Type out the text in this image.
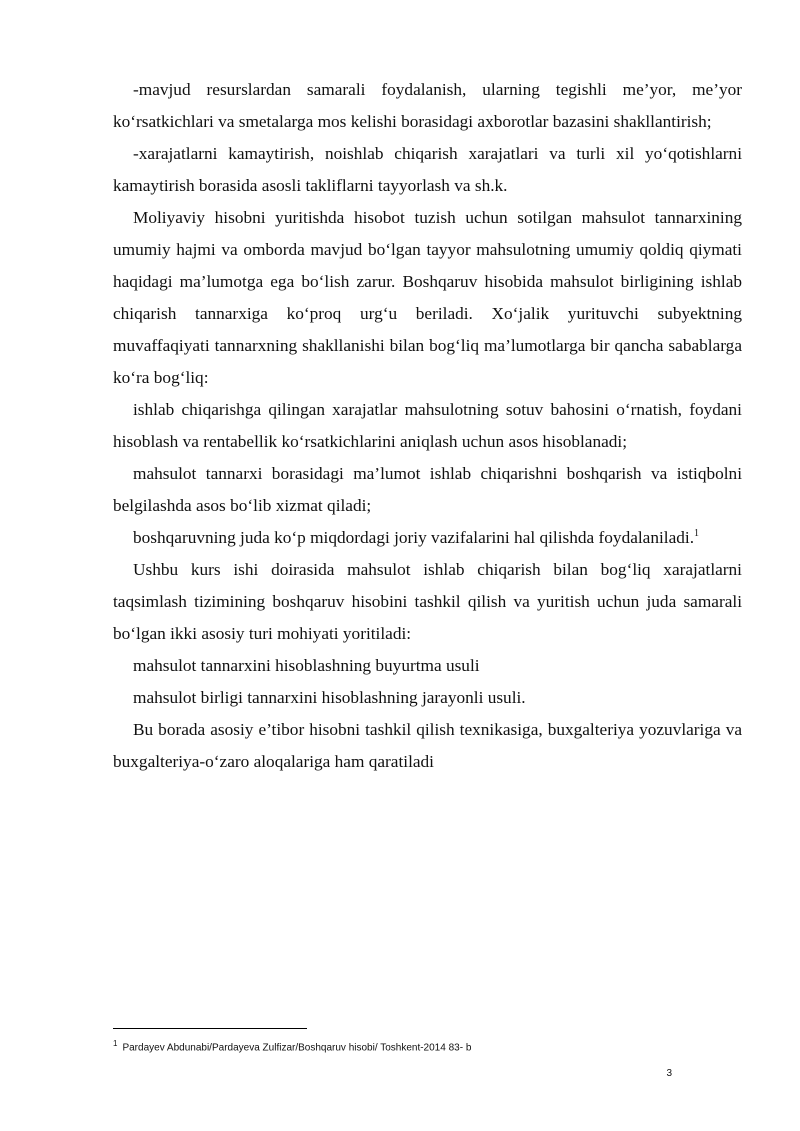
-mavjud resurslardan samarali foydalanish, ularning tegishli me’yor, me’yor ko‘rsatkichlari va smetalarga mos kelishi borasidagi axborotlar bazasini shakllantirish;

-xarajatlarni kamaytirish, noishlab chiqarish xarajatlari va turli xil yo‘qotishlarni kamaytirish borasida asosli takliflarni tayyorlash va sh.k.

Moliyaviy hisobni yuritishda hisobot tuzish uchun sotilgan mahsulot tannarxining umumiy hajmi va omborda mavjud bo‘lgan tayyor mahsulotning umumiy qoldiq qiymati haqidagi ma’lumotga ega bo‘lish zarur. Boshqaruv hisobida mahsulot birligining ishlab chiqarish tannarxiga ko‘proq urg‘u beriladi. Xo‘jalik yurituvchi subyektning muvaffaqiyati tannarxning shakllanishi bilan bog‘liq ma’lumotlarga bir qancha sabablarga ko‘ra bog‘liq:

ishlab chiqarishga qilingan xarajatlar mahsulotning sotuv bahosini o‘rnatish, foydani hisoblash va rentabellik ko‘rsatkichlarini aniqlash uchun asos hisoblanadi;

mahsulot tannarxi borasidagi ma’lumot ishlab chiqarishni boshqarish va istiqbolni belgilashda asos bo‘lib xizmat qiladi;

boshqaruvning juda ko‘p miqdordagi joriy vazifalarini hal qilishda foydalaniladi.$^1$

Ushbu kurs ishi doirasida mahsulot ishlab chiqarish bilan bog‘liq xarajatlarni taqsimlash tizimining boshqaruv hisobini tashkil qilish va yuritish uchun juda samarali bo‘lgan ikki asosiy turi mohiyati yoritiladi:

mahsulot tannarxini hisoblashning buyurtma usuli

mahsulot birligi tannarxini hisoblashning jarayonli usuli.

Bu borada asosiy e’tibor hisobni tashkil qilish texnikasiga, buxgalteriya yozuvlariga va buxgalteriya-o‘zaro aloqalariga ham qaratiladi

$^1$ Pardayev Abdunabi/Pardayeva Zulfizar/Boshqaruv hisobi/ Toshkent-2014 83- b
3
